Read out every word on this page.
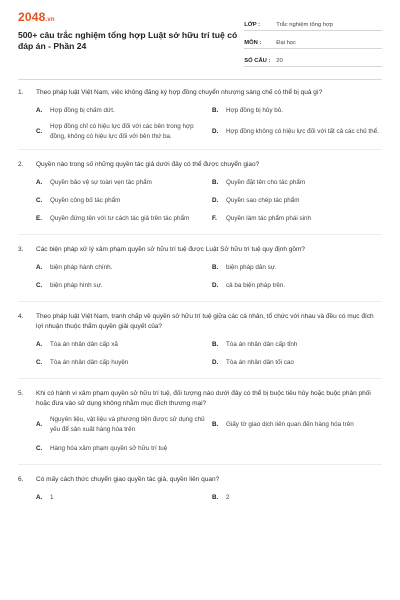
2048.vn
500+ câu trắc nghiệm tổng hợp Luật sở hữu trí tuệ có đáp án - Phần 24
LỚP :	Trắc nghiệm tổng hợp
MÔN :	Đại học
SỐ CÂU :	20
1.	Theo pháp luật Việt Nam, việc không đăng ký hợp đồng chuyển nhượng sáng chế có thể bị quả gì?
A.	Hợp đồng bị chấm dứt.	B.	Hợp đồng bị hủy bỏ.
C.
Hợp đồng chỉ có hiệu lực đối với các bên trong hợp đồng, không có hiệu lực đối với bên thứ ba.
D.	Hợp đồng không có hiệu lực đối với tất cả các chủ thể.
2.	Quyền nào trong số những quyền tác giả dưới đây có thể được chuyển giao?
A.	Quyền bảo vệ sự toàn vẹn tác phẩm	B.	Quyền đặt tên cho tác phẩm
C.	Quyền công bố tác phẩm	D.	Quyền sao chép tác phẩm
E.	Quyền đứng tên với tư cách tác giả trên tác phẩm	F.	Quyền làm tác phẩm phái sinh
3.	Các biện pháp xử lý xâm phạm quyền sở hữu trí tuệ được Luật Sở hữu trí tuệ quy định gồm?
A.	biện pháp hành chính.	B.	biện pháp dân sự.
C.	biện pháp hình sự.	D.	cả ba biện pháp trên.
4.	Theo pháp luật Việt Nam, tranh chấp về quyền sở hữu trí tuệ giữa các cá nhân, tổ chức với nhau và đều có mục đích lợi nhuận thuộc thẩm quyền giải quyết của?
A.	Tòa án nhân dân cấp xã	B.	Tòa án nhân dân cấp tỉnh
C.	Tòa án nhân dân cấp huyện	D.	Tòa án nhân dân tối cao
5.	Khi có hành vi xâm phạm quyền sở hữu trí tuệ, đối tượng nào dưới đây có thể bị buộc tiêu hủy hoặc buộc phân phối hoặc đưa vào sử dụng không nhằm mục đích thương mại?
A.
Nguyên liệu, vật liệu và phương tiện được sử dụng chủ yếu để sản xuất hàng hóa trên
B.	Giấy tờ giao dịch liên quan đến hàng hóa trên
C.	Hàng hóa xâm phạm quyền sở hữu trí tuệ
6.	Có mấy cách thức chuyển giao quyền tác giả, quyền liên quan?
A.	1	B.	2
